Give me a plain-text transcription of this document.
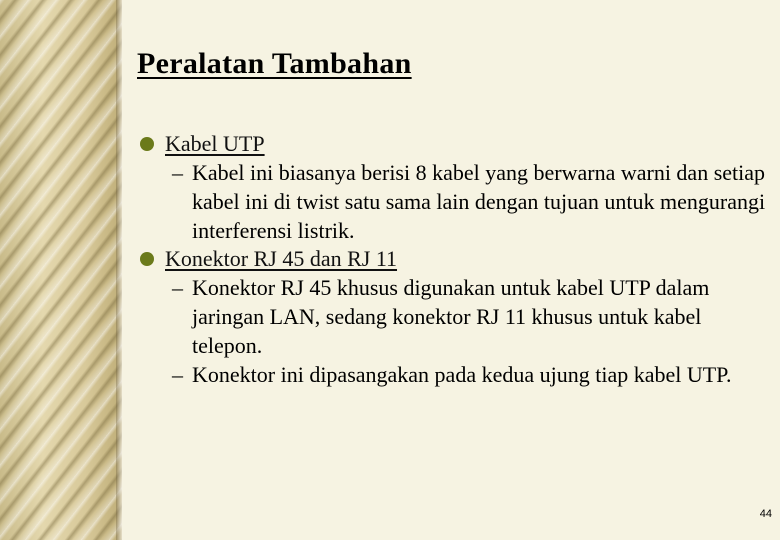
Peralatan Tambahan
Kabel UTP
– Kabel ini biasanya berisi 8 kabel yang berwarna warni dan setiap kabel ini di twist satu sama lain dengan tujuan untuk mengurangi interferensi listrik.
Konektor RJ 45 dan RJ 11
– Konektor RJ 45 khusus digunakan untuk kabel UTP dalam jaringan LAN, sedang konektor RJ 11 khusus untuk kabel telepon.
– Konektor ini dipasangakan pada kedua ujung tiap kabel UTP.
44
